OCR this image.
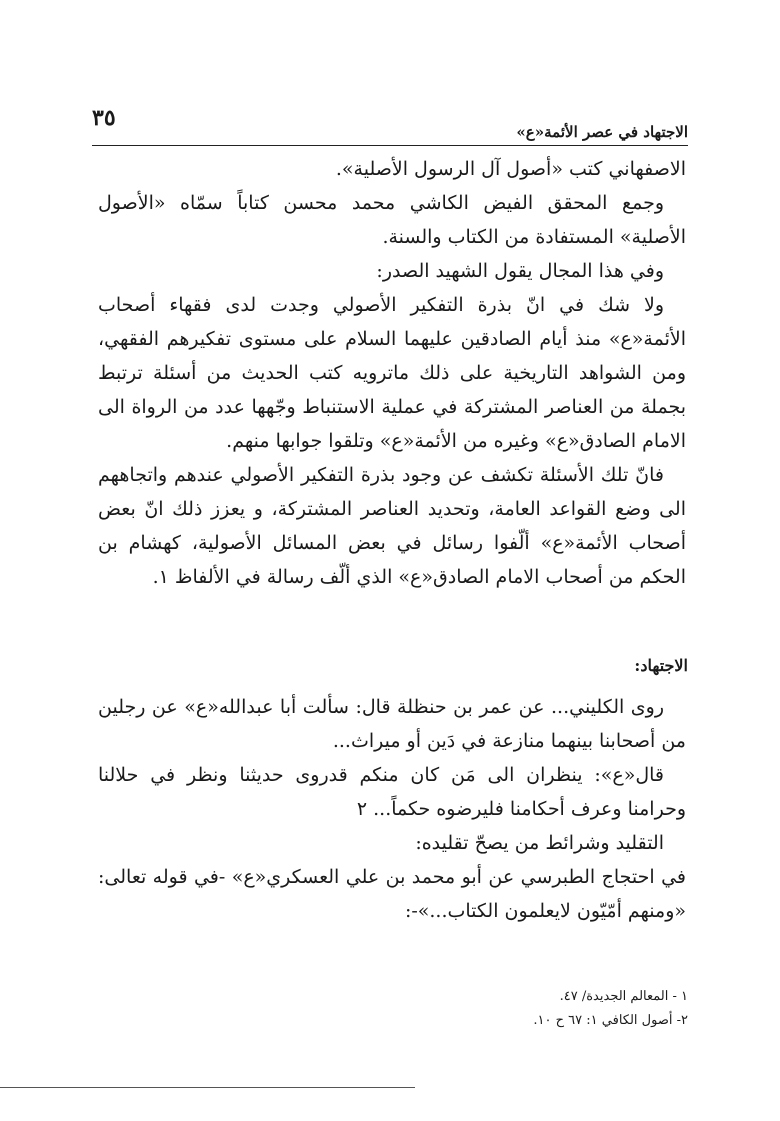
٣٥
الاجتهاد في عصر الأئمة«ع»

الاصفهاني كتب «أصول آل الرسول الأصلية».

وجمع المحقق الفيض الكاشي محمد محسن كتاباً سمّاه «الأصول الأصلية» المستفادة من الكتاب والسنة.

وفي هذا المجال يقول الشهيد الصدر:

ولا شك في انّ بذرة التفكير الأصولي وجدت لدى فقهاء أصحاب الأئمة«ع» منذ أيام الصادقين عليهما السلام على مستوى تفكيرهم الفقهي، ومن الشواهد التاريخية على ذلك ماترويه كتب الحديث من أسئلة ترتبط بجملة من العناصر المشتركة في عملية الاستنباط وجّهها عدد من الرواة الى الامام الصادق«ع» وغيره من الأئمة«ع» وتلقوا جوابها منهم.

فانّ تلك الأسئلة تكشف عن وجود بذرة التفكير الأصولي عندهم واتجاههم الى وضع القواعد العامة، وتحديد العناصر المشتركة، و يعزز ذلك انّ بعض أصحاب الأئمة«ع» ألّفوا رسائل في بعض المسائل الأصولية، كهشام بن الحكم من أصحاب الامام الصادق«ع» الذي ألّف رسالة في الألفاظ ١.

الاجتهاد:

روى الكليني... عن عمر بن حنظلة قال: سألت أبا عبدالله«ع» عن رجلين من أصحابنا بينهما منازعة في دَين أو ميراث...

قال«ع»: ينظران الى مَن كان منكم قدروى حديثنا ونظر في حلالنا وحرامنا وعرف أحكامنا فليرضوه حكماً... ٢

التقليد وشرائط من يصحّ تقليده:

في احتجاج الطبرسي عن أبو محمد بن علي العسكري«ع» -في قوله تعالى: «ومنهم أمّيّون لايعلمون الكتاب...»-:

١ - المعالم الجديدة/ ٤٧.
٢- أصول الكافي ١: ٦٧ ح ١٠.
